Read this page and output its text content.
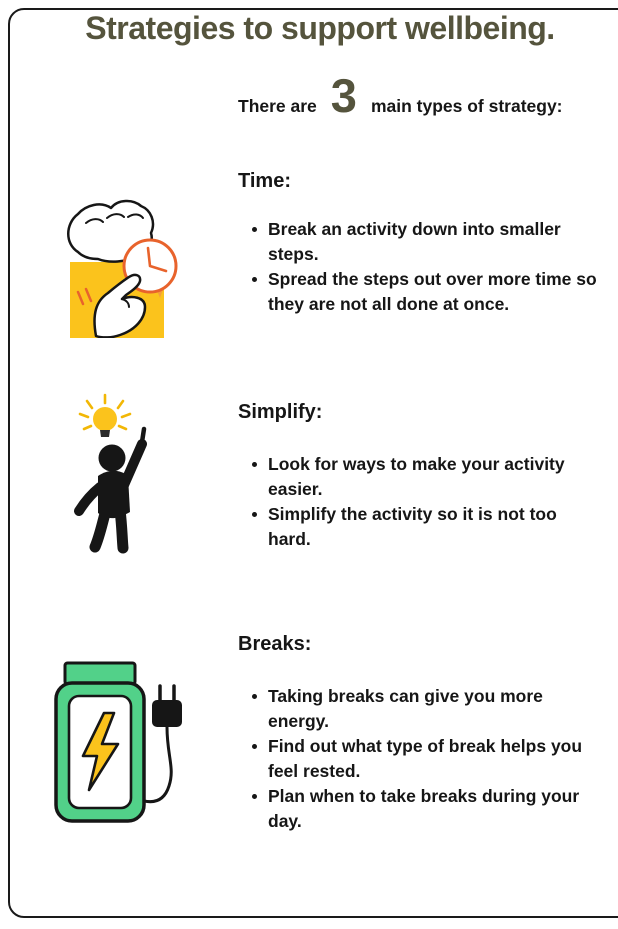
Strategies to support wellbeing.
There are 3 main types of strategy:
Time:
Break an activity down into smaller
steps.
Spread the steps out over more time so
they are not all done at once.
Simplify:
Look for ways to make your activity
easier.
Simplify the activity so it is not too
hard.
Breaks:
Taking breaks can give you more
energy.
Find out what type of break helps you
feel rested.
Plan when to take breaks during your
day.
